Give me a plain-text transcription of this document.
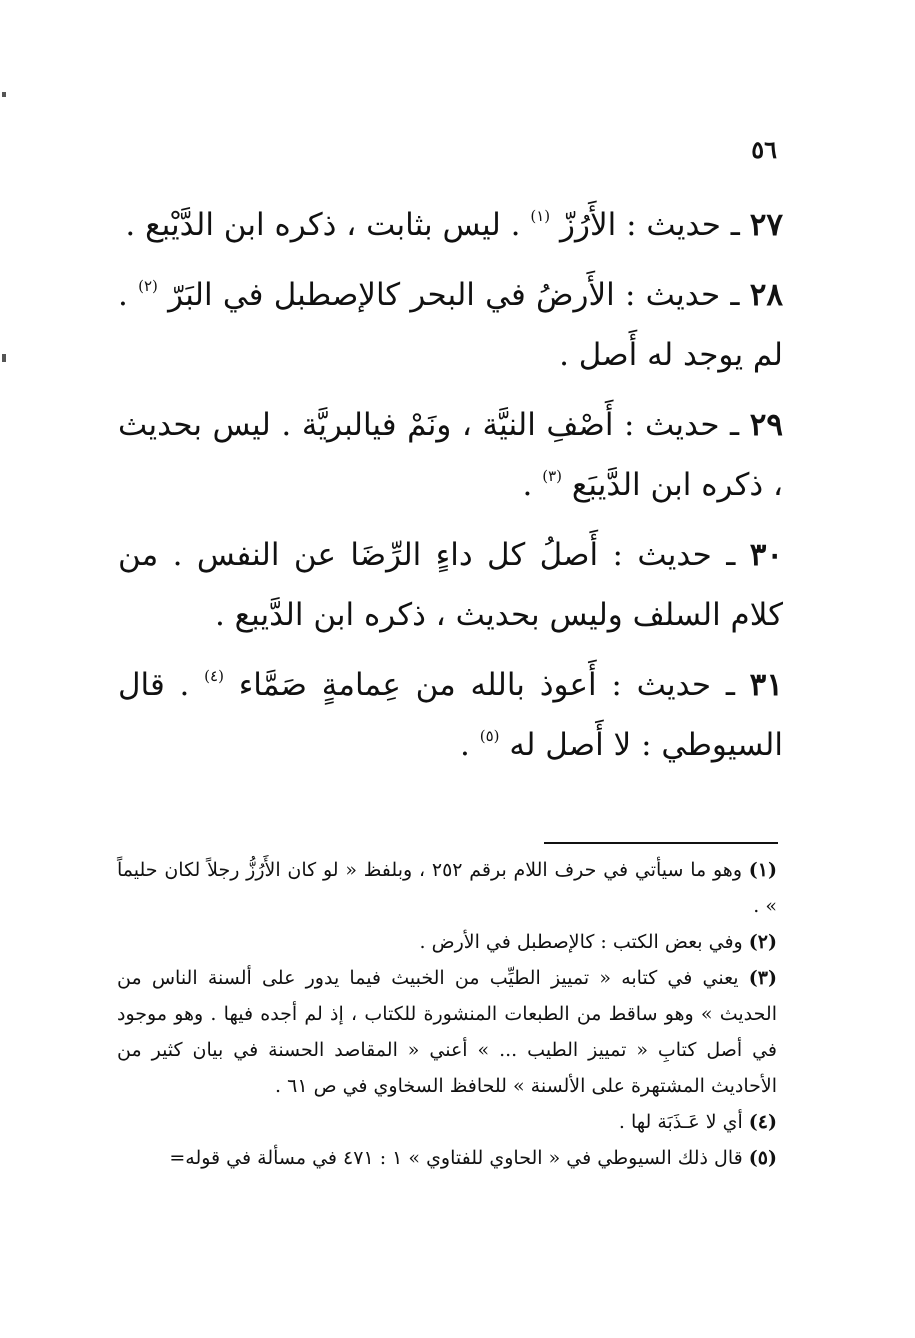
٥٦

٢٧ ـ حديث : الأَرُزّ $^{(١)}$ . ليس بثابت ، ذكره ابن الدَّيْبع .

٢٨ ـ حديث : الأَرضُ في البحر كالإصطبل في البَرّ $^{(٢)}$ . لم يوجد له أَصل .

٢٩ ـ حديث : أَصْفِ النيَّة ، ونَمْ فيالبريَّة . ليس بحديث ، ذكره ابن الدَّيبَع $^{(٣)}$ .

٣٠ ـ حديث : أَصلُ كل داءٍ الرِّضَا عن النفس . من كلام السلف وليس بحديث ، ذكره ابن الدَّيبع .

٣١ ـ حديث : أَعوذ بالله من عِمامةٍ صَمَّاء $^{(٤)}$ . قال السيوطي : لا أَصل له $^{(٥)}$ .

(١) وهو ما سيأتي في حرف اللام برقم ٢٥٢ ، وبلفظ « لو كان الأَرُزُّ رجلاً لكان حليماً » .

(٢) وفي بعض الكتب : كالإصطبل في الأرض .

(٣) يعني في كتابه « تمييز الطيِّب من الخبيث فيما يدور على ألسنة الناس من الحديث » وهو ساقط من الطبعات المنشورة للكتاب ، إذ لم أجده فيها . وهو موجود في أصل كتابِ « تمييز الطيب ... » أعني « المقاصد الحسنة في بيان كثير من الأحاديث المشتهرة على الألسنة » للحافظ السخاوي في ص ٦١ .

(٤) أي لا عَـذَبَة لها .

(٥) قال ذلك السيوطي في « الحاوي للفتاوي » ١ : ٤٧١ في مسألة في قوله=
